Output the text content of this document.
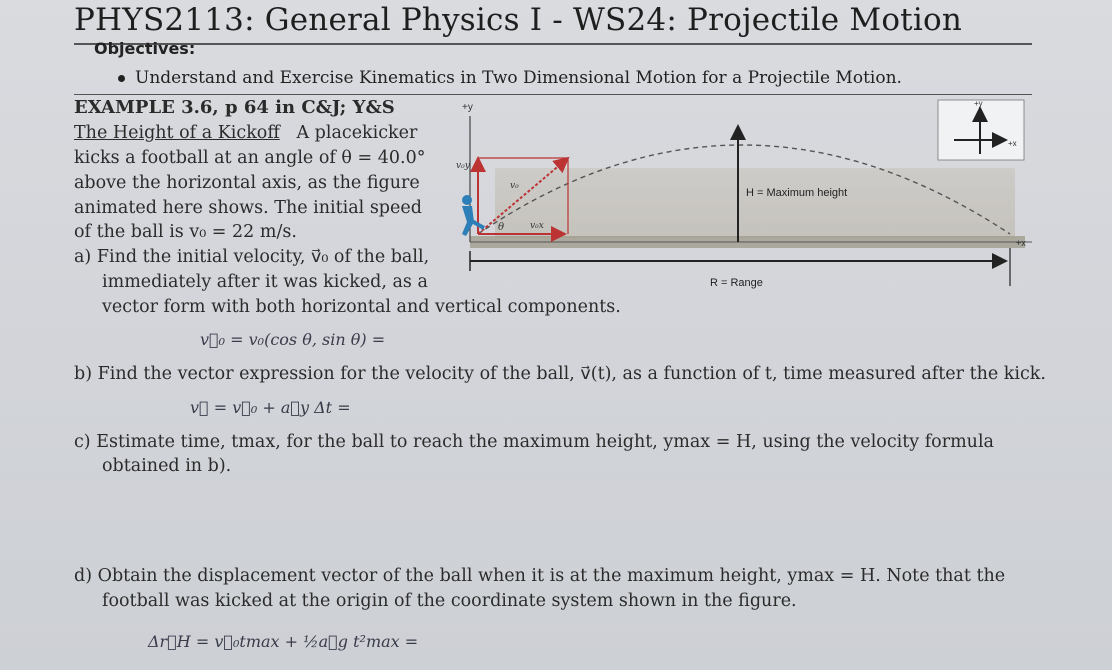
PHYS2113: General Physics I - WS24: Projectile Motion
Objectives:
Understand and Exercise Kinematics in Two Dimensional Motion for a Projectile Motion.
EXAMPLE 3.6, p 64 in C&J; Y&S
The Height of a Kickoff A placekicker
kicks a football at an angle of θ = 40.0°
above the horizontal axis, as the figure
animated here shows. The initial speed
of the ball is v₀ = 22 m/s.
+y
v₀y
v₀
θ	v₀x
H = Maximum height
R = Range
+x
+y
+x
a) Find the initial velocity, v⃗₀ of the ball,
immediately after it was kicked, as a
vector form with both horizontal and vertical components.
v⃗₀ = v₀(cos θ, sin θ) =
b) Find the vector expression for the velocity of the ball, v⃗(t), as a function of t, time measured after the kick.
v⃗ = v⃗₀ + a⃗y Δt =
c) Estimate time, tmax, for the ball to reach the maximum height, ymax = H, using the velocity formula
obtained in b).
d) Obtain the displacement vector of the ball when it is at the maximum height, ymax = H. Note that the
football was kicked at the origin of the coordinate system shown in the figure.
Δr⃗H = v⃗₀tmax + ½a⃗g t²max =
